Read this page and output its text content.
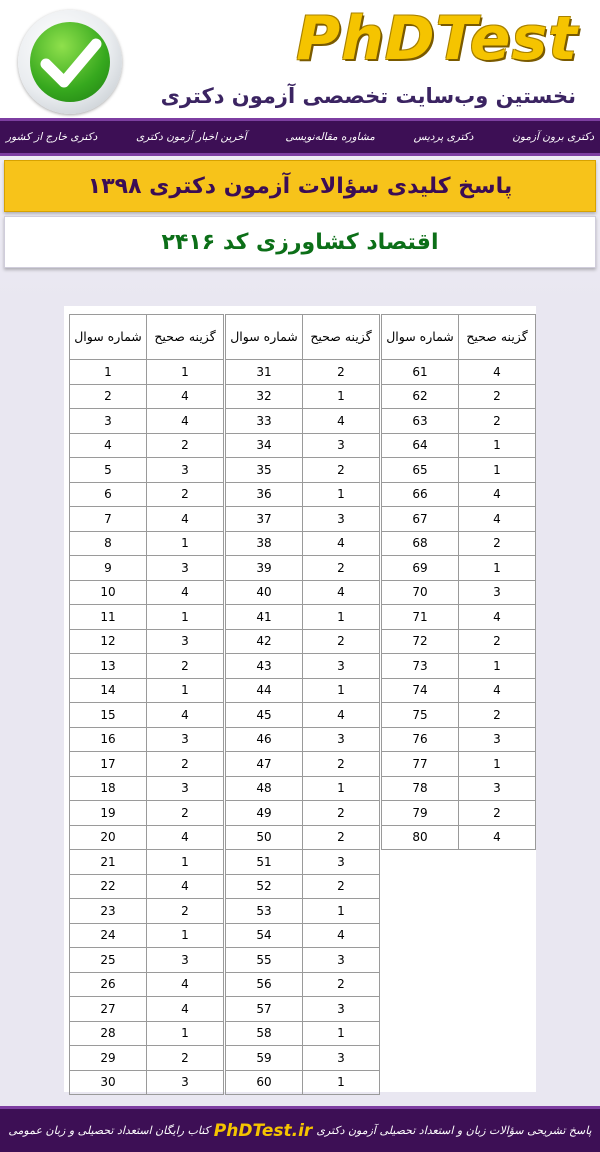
PhDTest
نخستین وب‌سایت تخصصی آزمون دکتری
دکتری برون آزمون
دکتری پردیس
مشاوره مقاله‌نویسی
آخرین اخبار آزمون دکتری
دکتری خارج از کشور
پاسخ کلیدی سؤالات آزمون دکتری ۱۳۹۸
اقتصاد کشاورزی کد ۲۴۱۶
شماره سوال	گزینه صحیح
1	1
2	4
3	4
4	2
5	3
6	2
7	4
8	1
9	3
10	4
11	1
12	3
13	2
14	1
15	4
16	3
17	2
18	3
19	2
20	4
21	1
22	4
23	2
24	1
25	3
26	4
27	4
28	1
29	2
30	3
شماره سوال	گزینه صحیح
31	2
32	1
33	4
34	3
35	2
36	1
37	3
38	4
39	2
40	4
41	1
42	2
43	3
44	1
45	4
46	3
47	2
48	1
49	2
50	2
51	3
52	2
53	1
54	4
55	3
56	2
57	3
58	1
59	3
60	1
شماره سوال	گزینه صحیح
61	4
62	2
63	2
64	1
65	1
66	4
67	4
68	2
69	1
70	3
71	4
72	2
73	1
74	4
75	2
76	3
77	1
78	3
79	2
80	4
پاسخ تشریحی سؤالات زبان و استعداد تحصیلی آزمون دکتری
PhDTest.ir
کتاب رایگان استعداد تحصیلی و زبان عمومی
